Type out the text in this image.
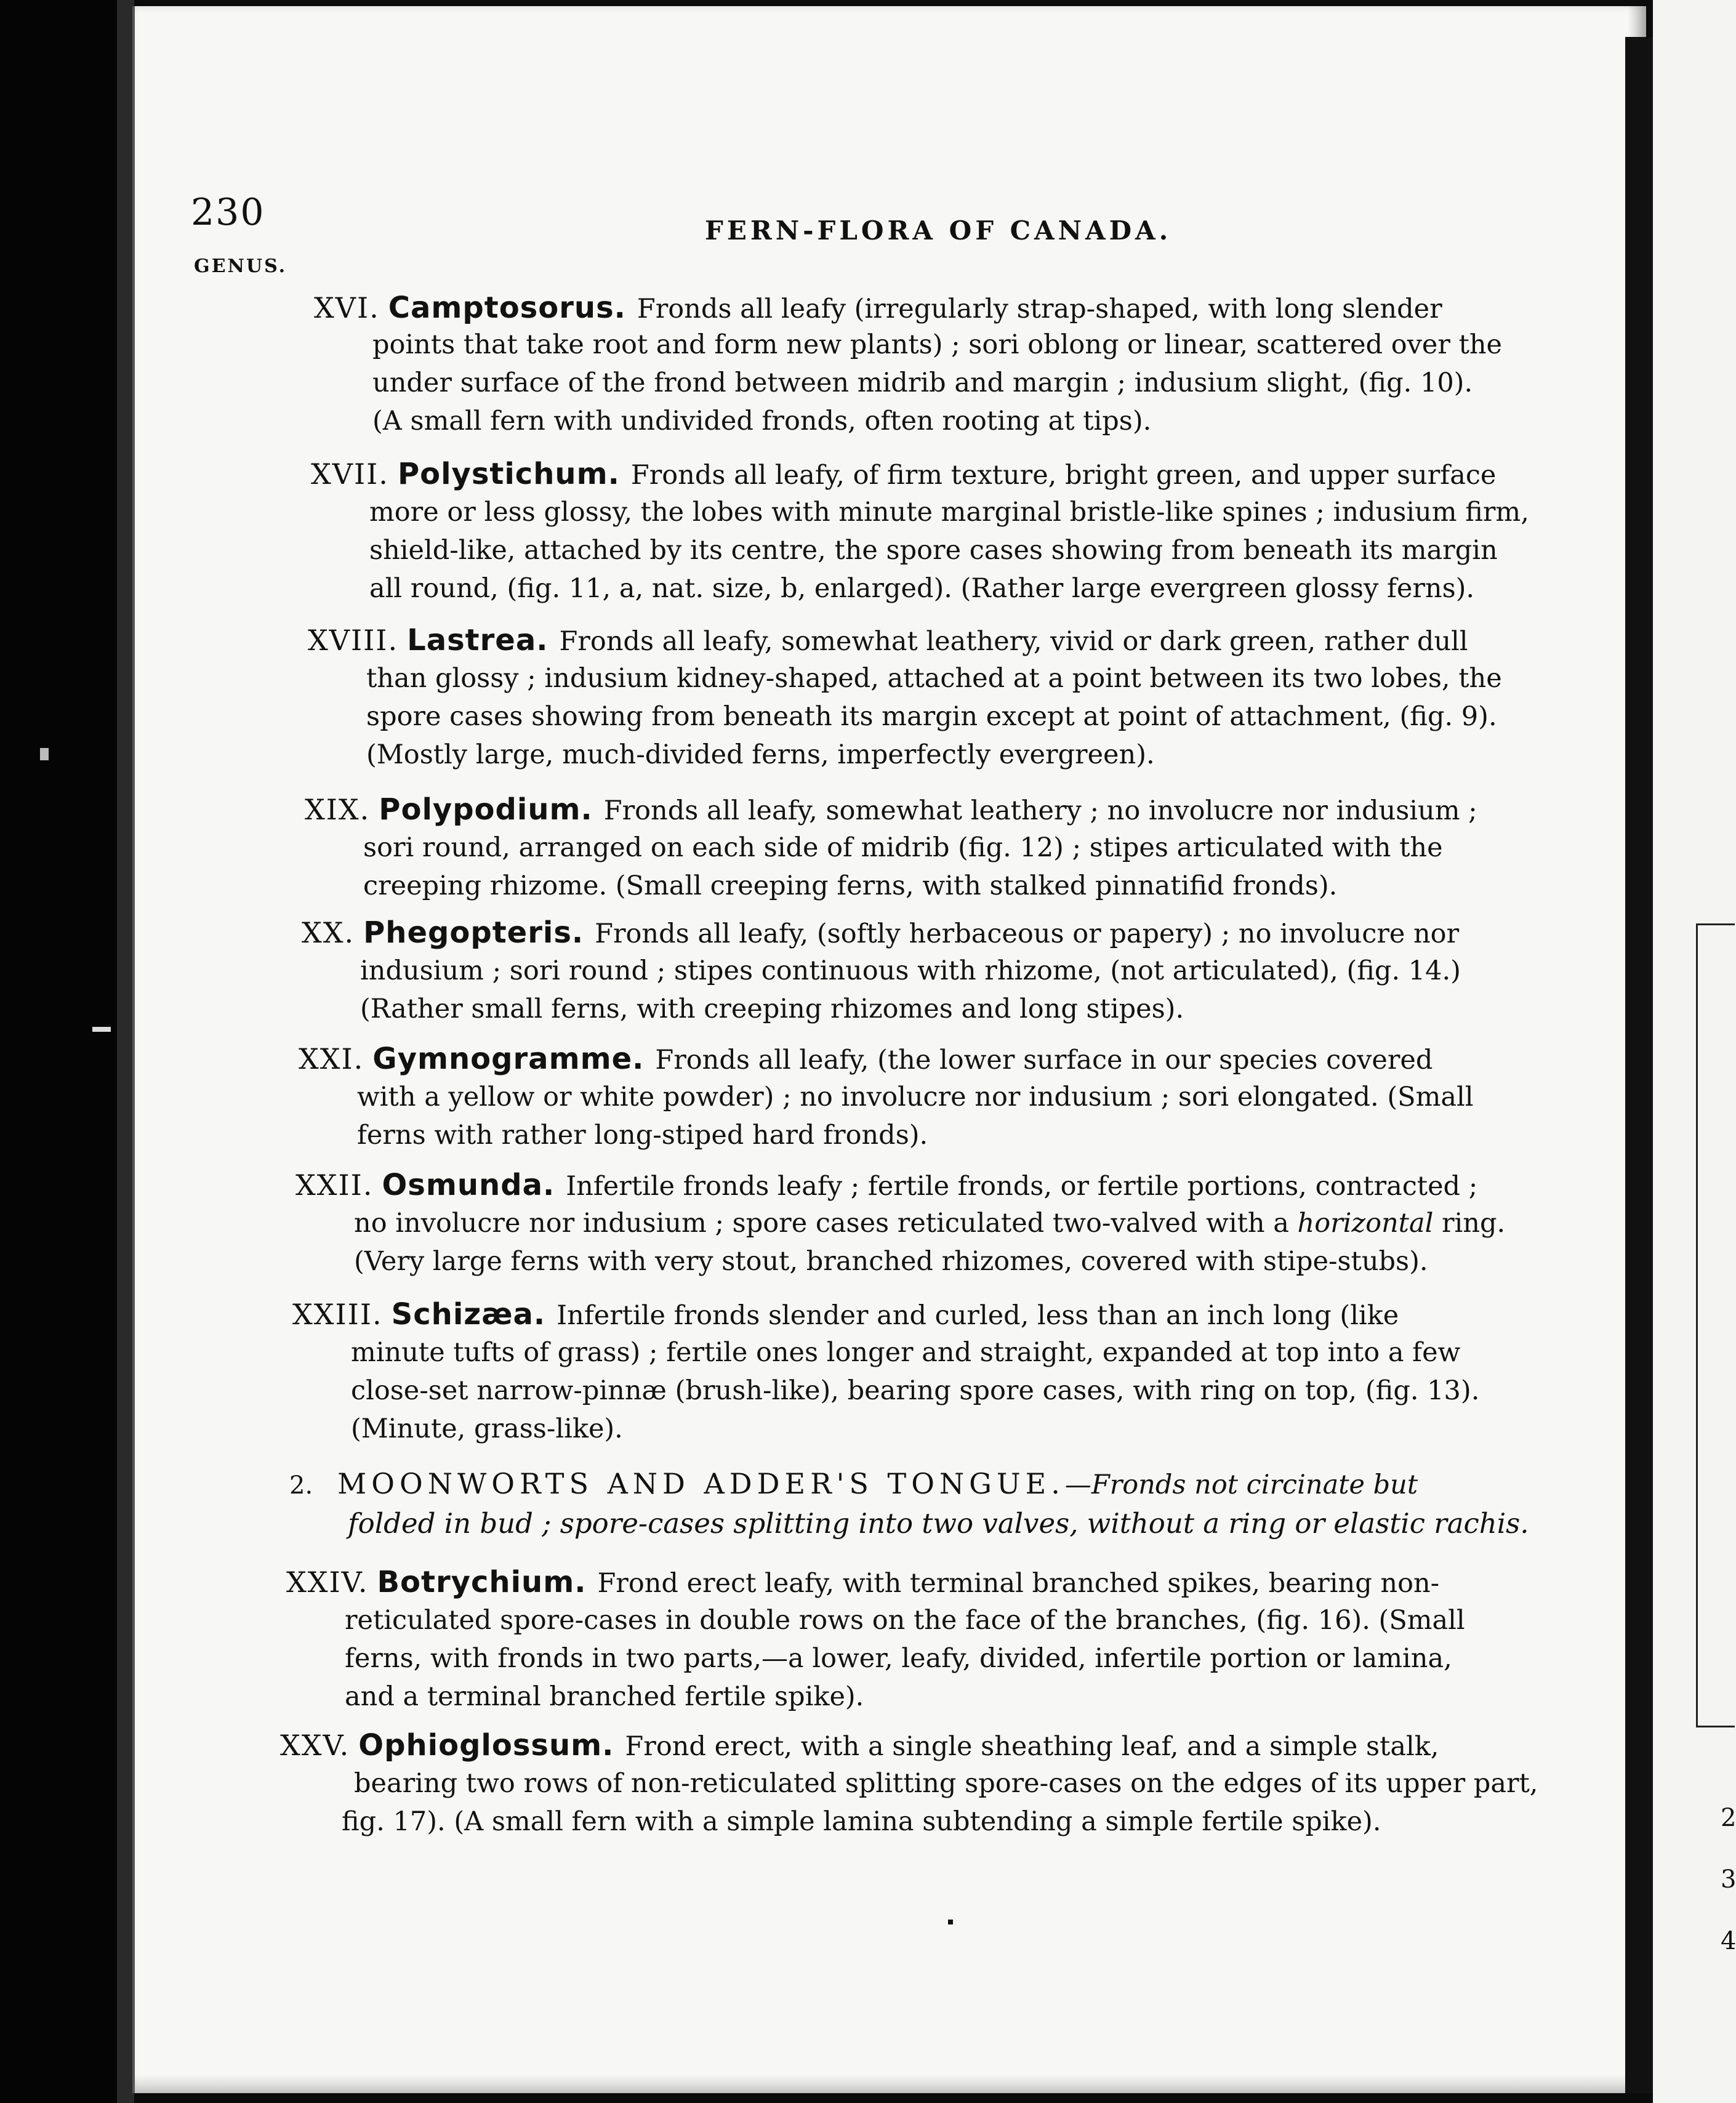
2
3
4
230	FERN-FLORA OF CANADA.
GENUS.
XVI. Camptosorus. Fronds all leafy (irregularly strap-shaped, with long slender
points that take root and form new plants) ; sori oblong or linear, scattered over the
under surface of the frond between midrib and margin ; indusium slight, (fig. 10).
(A small fern with undivided fronds, often rooting at tips).
XVII. Polystichum. Fronds all leafy, of firm texture, bright green, and upper surface
more or less glossy, the lobes with minute marginal bristle-like spines ; indusium firm,
shield-like, attached by its centre, the spore cases showing from beneath its margin
all round, (fig. 11, a, nat. size, b, enlarged). (Rather large evergreen glossy ferns).
XVIII. Lastrea. Fronds all leafy, somewhat leathery, vivid or dark green, rather dull
than glossy ; indusium kidney-shaped, attached at a point between its two lobes, the
spore cases showing from beneath its margin except at point of attachment, (fig. 9).
(Mostly large, much-divided ferns, imperfectly evergreen).
XIX. Polypodium. Fronds all leafy, somewhat leathery ; no involucre nor indusium ;
sori round, arranged on each side of midrib (fig. 12) ; stipes articulated with the
creeping rhizome. (Small creeping ferns, with stalked pinnatifid fronds).
XX. Phegopteris. Fronds all leafy, (softly herbaceous or papery) ; no involucre nor
indusium ; sori round ; stipes continuous with rhizome, (not articulated), (fig. 14.)
(Rather small ferns, with creeping rhizomes and long stipes).
XXI. Gymnogramme. Fronds all leafy, (the lower surface in our species covered
with a yellow or white powder) ; no involucre nor indusium ; sori elongated. (Small
ferns with rather long-stiped hard fronds).
XXII. Osmunda. Infertile fronds leafy ; fertile fronds, or fertile portions, contracted ;
no involucre nor indusium ; spore cases reticulated two-valved with a horizontal ring.
(Very large ferns with very stout, branched rhizomes, covered with stipe-stubs).
XXIII. Schizæa. Infertile fronds slender and curled, less than an inch long (like
minute tufts of grass) ; fertile ones longer and straight, expanded at top into a few
close-set narrow-pinnæ (brush-like), bearing spore cases, with ring on top, (fig. 13).
(Minute, grass-like).
2. MOONWORTS AND ADDER'S TONGUE.—Fronds not circinate but
folded in bud ; spore-cases splitting into two valves, without a ring or elastic rachis.
XXIV. Botrychium. Frond erect leafy, with terminal branched spikes, bearing non-
reticulated spore-cases in double rows on the face of the branches, (fig. 16). (Small
ferns, with fronds in two parts,—a lower, leafy, divided, infertile portion or lamina,
and a terminal branched fertile spike).
XXV. Ophioglossum. Frond erect, with a single sheathing leaf, and a simple stalk,
bearing two rows of non-reticulated splitting spore-cases on the edges of its upper part,
fig. 17). (A small fern with a simple lamina subtending a simple fertile spike).
